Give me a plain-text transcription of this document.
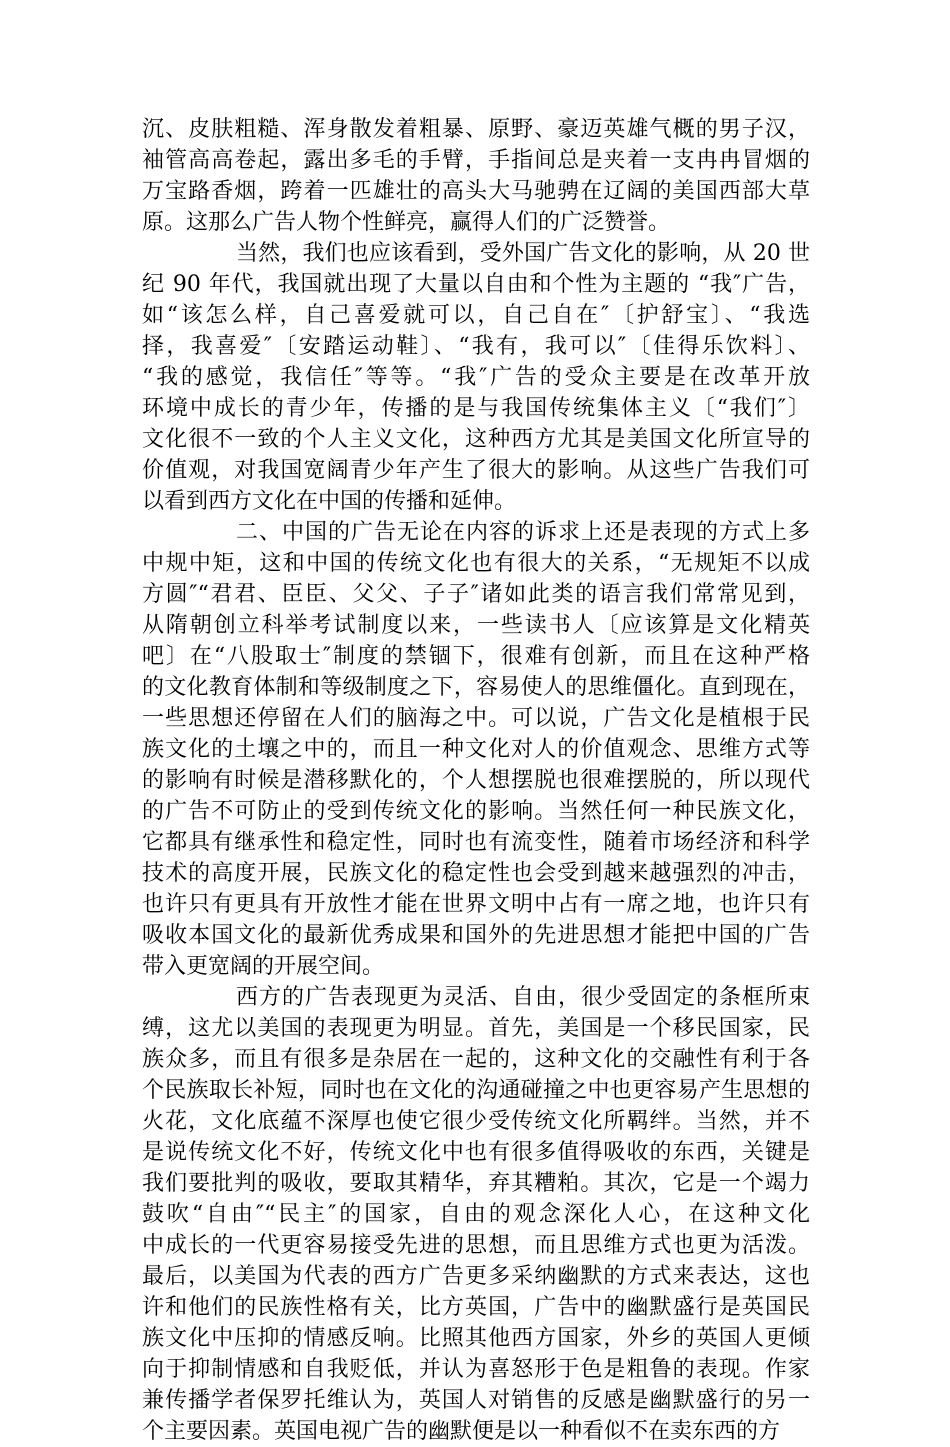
沉、皮肤粗糙、浑身散发着粗暴、原野、豪迈英雄气概的男子汉，
袖管高高卷起，露出多毛的手臂，手指间总是夹着一支冉冉冒烟的
万宝路香烟，跨着一匹雄壮的高头大马驰骋在辽阔的美国西部大草
原。这那么广告人物个性鲜亮，赢得人们的广泛赞誉。
当然，我们也应该看到，受外国广告文化的影响，从 20 世
纪 90 年代，我国就出现了大量以自由和个性为主题的 “我″广告，
如“该怎么样，自己喜爱就可以，自己自在″〔护舒宝〕、“我选
择，我喜爱″〔安踏运动鞋〕、“我有，我可以″〔佳得乐饮料〕、
“我的感觉，我信任″等等。“我″广告的受众主要是在改革开放
环境中成长的青少年，传播的是与我国传统集体主义〔“我们″〕
文化很不一致的个人主义文化，这种西方尤其是美国文化所宣导的
价值观，对我国宽阔青少年产生了很大的影响。从这些广告我们可
以看到西方文化在中国的传播和延伸。
二、中国的广告无论在内容的诉求上还是表现的方式上多
中规中矩，这和中国的传统文化也有很大的关系，“无规矩不以成
方圆″“君君、臣臣、父父、子子″诸如此类的语言我们常常见到，
从隋朝创立科举考试制度以来，一些读书人〔应该算是文化精英
吧〕在“八股取士″制度的禁锢下，很难有创新，而且在这种严格
的文化教育体制和等级制度之下，容易使人的思维僵化。直到现在，
一些思想还停留在人们的脑海之中。可以说，广告文化是植根于民
族文化的土壤之中的，而且一种文化对人的价值观念、思维方式等
的影响有时候是潜移默化的，个人想摆脱也很难摆脱的，所以现代
的广告不可防止的受到传统文化的影响。当然任何一种民族文化，
它都具有继承性和稳定性，同时也有流变性，随着市场经济和科学
技术的高度开展，民族文化的稳定性也会受到越来越强烈的冲击，
也许只有更具有开放性才能在世界文明中占有一席之地，也许只有
吸收本国文化的最新优秀成果和国外的先进思想才能把中国的广告
带入更宽阔的开展空间。
西方的广告表现更为灵活、自由，很少受固定的条框所束
缚，这尤以美国的表现更为明显。首先，美国是一个移民国家，民
族众多，而且有很多是杂居在一起的，这种文化的交融性有利于各
个民族取长补短，同时也在文化的沟通碰撞之中也更容易产生思想的
火花，文化底蕴不深厚也使它很少受传统文化所羁绊。当然，并不
是说传统文化不好，传统文化中也有很多值得吸收的东西，关键是
我们要批判的吸收，要取其精华，弃其糟粕。其次，它是一个竭力
鼓吹“自由″“民主″的国家，自由的观念深化人心，在这种文化
中成长的一代更容易接受先进的思想，而且思维方式也更为活泼。
最后，以美国为代表的西方广告更多采纳幽默的方式来表达，这也
许和他们的民族性格有关，比方英国，广告中的幽默盛行是英国民
族文化中压抑的情感反响。比照其他西方国家，外乡的英国人更倾
向于抑制情感和自我贬低，并认为喜怒形于色是粗鲁的表现。作家
兼传播学者保罗托维认为，英国人对销售的反感是幽默盛行的另一
个主要因素。英国电视广告的幽默便是以一种看似不在卖东西的方
